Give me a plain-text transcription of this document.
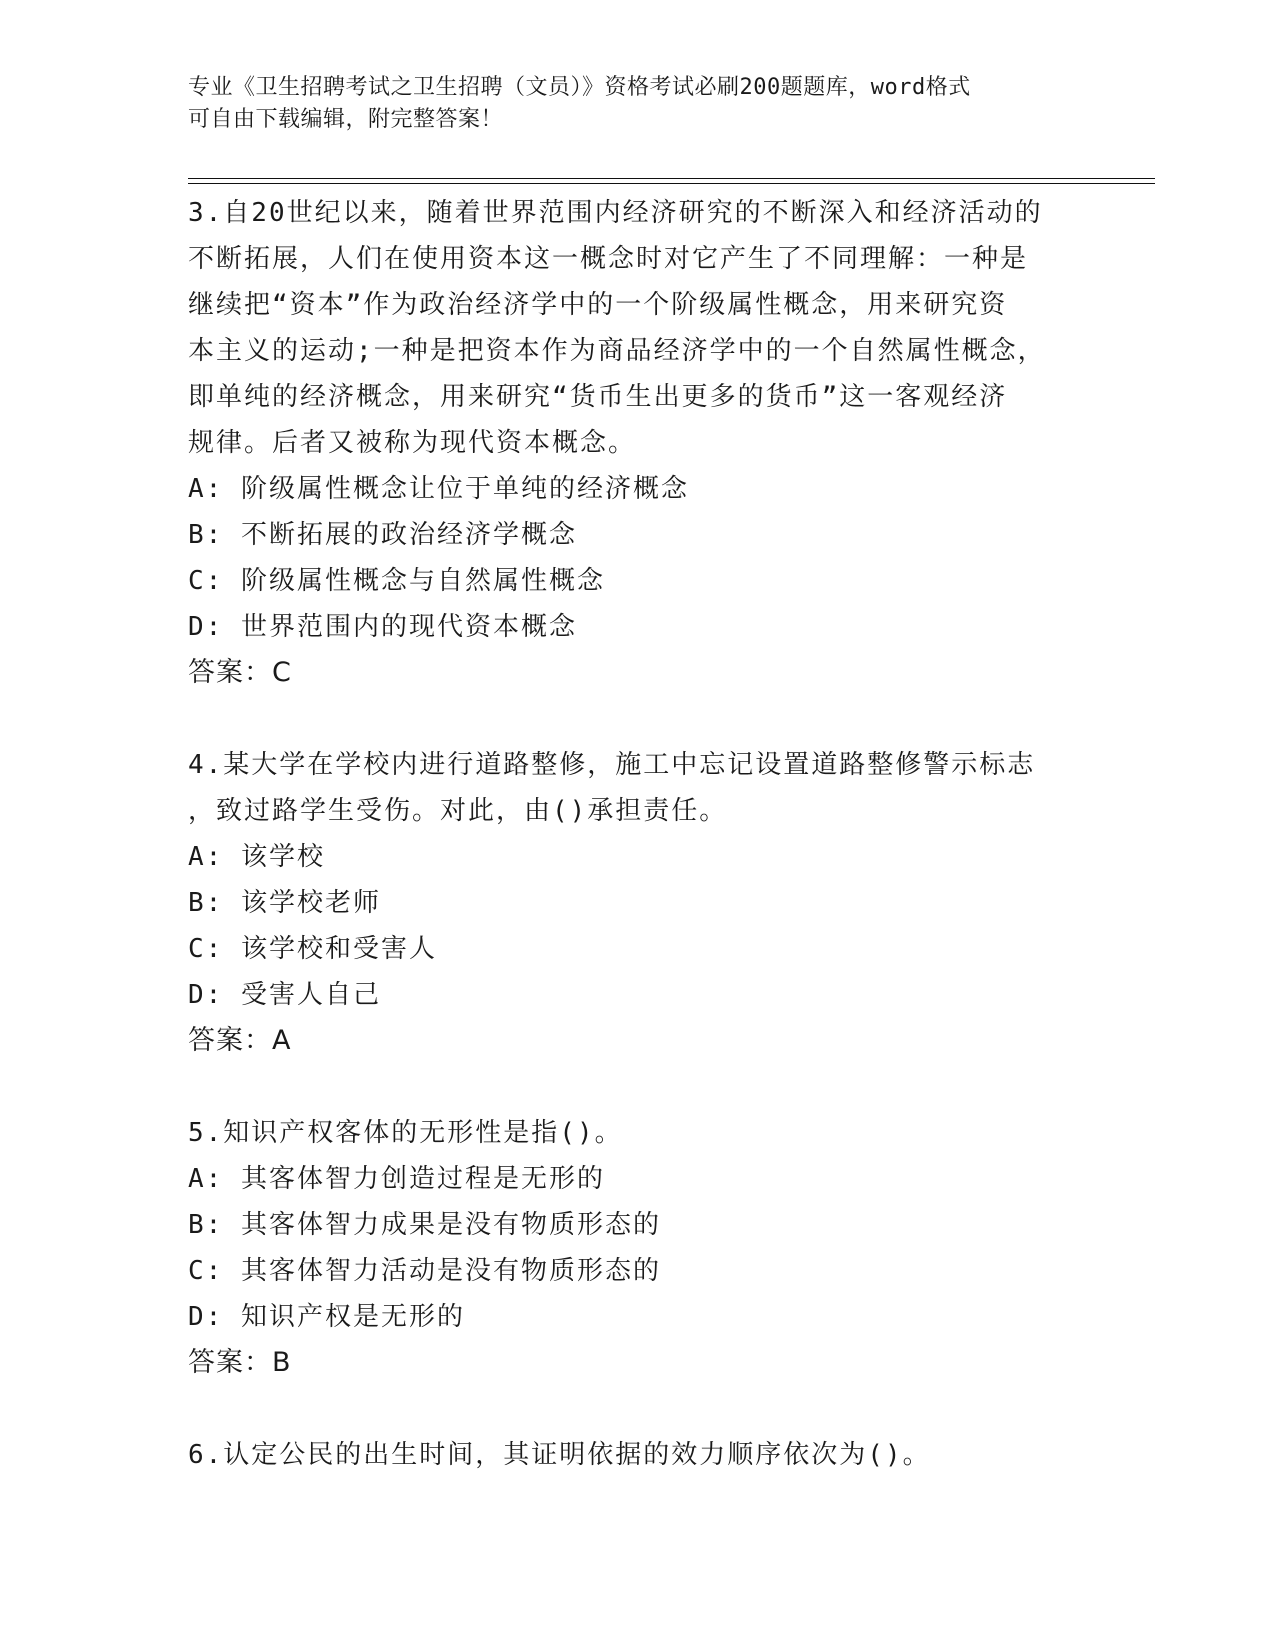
专业《卫生招聘考试之卫生招聘（文员）》资格考试必刷200题题库，word格式
可自由下载编辑，附完整答案！
3.自20世纪以来，随着世界范围内经济研究的不断深入和经济活动的
不断拓展，人们在使用资本这一概念时对它产生了不同理解：一种是
继续把“资本”作为政治经济学中的一个阶级属性概念，用来研究资
本主义的运动;一种是把资本作为商品经济学中的一个自然属性概念，
即单纯的经济概念，用来研究“货币生出更多的货币”这一客观经济
规律。后者又被称为现代资本概念。
A: 阶级属性概念让位于单纯的经济概念
B: 不断拓展的政治经济学概念
C: 阶级属性概念与自然属性概念
D: 世界范围内的现代资本概念
答案：C
4.某大学在学校内进行道路整修，施工中忘记设置道路整修警示标志
，致过路学生受伤。对此，由()承担责任。
A: 该学校
B: 该学校老师
C: 该学校和受害人
D: 受害人自己
答案：A
5.知识产权客体的无形性是指()。
A: 其客体智力创造过程是无形的
B: 其客体智力成果是没有物质形态的
C: 其客体智力活动是没有物质形态的
D: 知识产权是无形的
答案：B
6.认定公民的出生时间，其证明依据的效力顺序依次为()。
